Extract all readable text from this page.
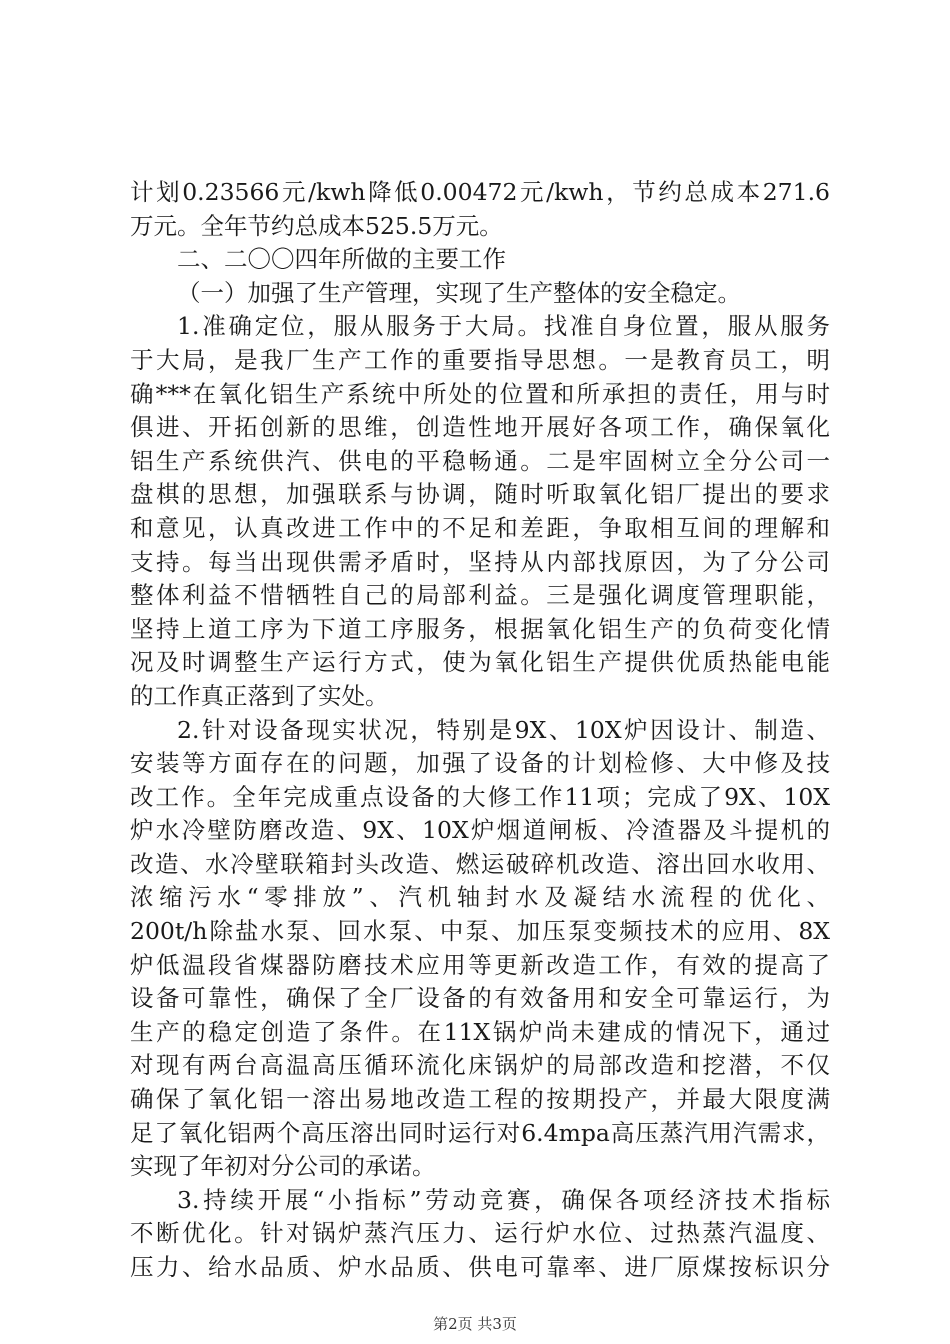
计划0.23566元/kwh降低0.00472元/kwh，节约总成本271.6
万元。全年节约总成本525.5万元。
二、二〇〇四年所做的主要工作
（一）加强了生产管理，实现了生产整体的安全稳定。
1.准确定位，服从服务于大局。找准自身位置，服从服务
于大局，是我厂生产工作的重要指导思想。一是教育员工，明
确***在氧化铝生产系统中所处的位置和所承担的责任，用与时
俱进、开拓创新的思维，创造性地开展好各项工作，确保氧化
铝生产系统供汽、供电的平稳畅通。二是牢固树立全分公司一
盘棋的思想，加强联系与协调，随时听取氧化铝厂提出的要求
和意见，认真改进工作中的不足和差距，争取相互间的理解和
支持。每当出现供需矛盾时，坚持从内部找原因，为了分公司
整体利益不惜牺牲自己的局部利益。三是强化调度管理职能，
坚持上道工序为下道工序服务，根据氧化铝生产的负荷变化情
况及时调整生产运行方式，使为氧化铝生产提供优质热能电能
的工作真正落到了实处。
2.针对设备现实状况，特别是9X、10X炉因设计、制造、
安装等方面存在的问题，加强了设备的计划检修、大中修及技
改工作。全年完成重点设备的大修工作11项；完成了9X、10X
炉水冷壁防磨改造、9X、10X炉烟道闸板、冷渣器及斗提机的
改造、水冷壁联箱封头改造、燃运破碎机改造、溶出回水收用、
浓缩污水“零排放”、汽机轴封水及凝结水流程的优化、
200t/h除盐水泵、回水泵、中泵、加压泵变频技术的应用、8X
炉低温段省煤器防磨技术应用等更新改造工作，有效的提高了
设备可靠性，确保了全厂设备的有效备用和安全可靠运行，为
生产的稳定创造了条件。在11X锅炉尚未建成的情况下，通过
对现有两台高温高压循环流化床锅炉的局部改造和挖潜，不仅
确保了氧化铝一溶出易地改造工程的按期投产，并最大限度满
足了氧化铝两个高压溶出同时运行对6.4mpa高压蒸汽用汽需求，
实现了年初对分公司的承诺。
3.持续开展“小指标”劳动竞赛，确保各项经济技术指标
不断优化。针对锅炉蒸汽压力、运行炉水位、过热蒸汽温度、
压力、给水品质、炉水品质、供电可靠率、进厂原煤按标识分
第2页 共3页
